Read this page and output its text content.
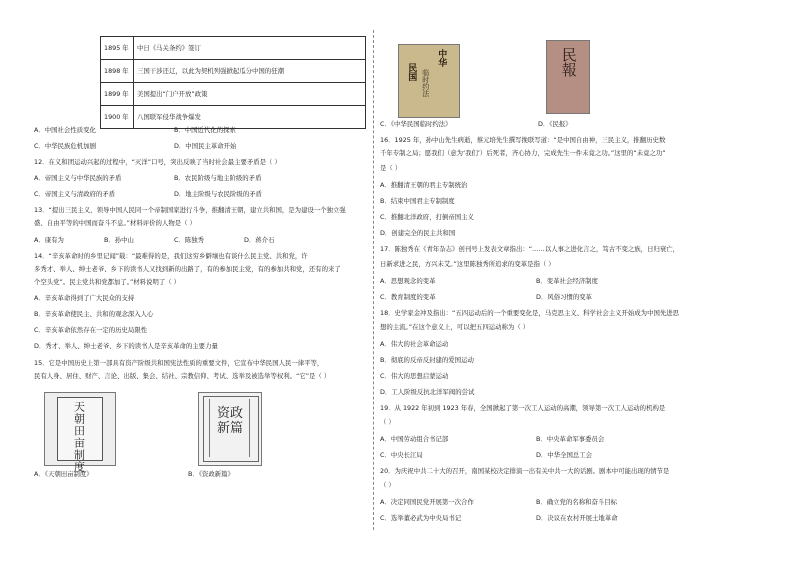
1895 年	中日《马关条约》签订
1898 年	三国干涉还辽，以此为契机列强掀起瓜分中国的狂潮
1899 年	美国提出“门户开放”政策
1900 年	八国联军侵华战争爆发
A．中国社会性质变化	B．中国近代化的探索
C．中华民族危机加剧	D．中国民主革命开始
12．在义和团运动兴起的过程中，“灭洋”口号，突出反映了当时社会最主要矛盾是（ ）
A．帝国主义与中华民族的矛盾	B．农民阶级与地主阶级的矛盾
C．帝国主义与清政府的矛盾	D．地主阶级与农民阶级的矛盾
13．“提出三民主义，领导中国人民同一个帝制国家进行斗争，推翻清王朝，建立共和国，是为建设一个独立强
盛、自由平等的中国而奋斗不息。”材料评价的人物是（ ）
A．康有为	B．孙中山	C．陈独秀	D．蒋介石
14．“辛亥革命时的乡里记闻”载：“最难得的是，我们这穷乡僻壤也有谈什么民主党、共和党，许
多秀才、举人、绅士老爷、乡下的读书人又找到新的出路了，有的参加民主党，有的参加共和党，还有的来了
个空头党”。民主党共和党都加了。”材料说明了（ ）
A．辛亥革命得到了广大民众的支持
B．辛亥革命使民主、共和的观念深入人心
C．辛亥革命依然存在一定的历史局限性
D．秀才、举人、绅士老爷、乡下的读书人是辛亥革命的主要力量
15．它是中国历史上第一部具有资产阶级共和国宪法性质的重要文件，它宣布中华民国人民一律平等，
民有人身、居住、财产、言论、出版、集会、结社、宗教信仰、考试、选举及被选举等权利。“它”是（ ）
天朝田亩制度
A．《天朝田亩制度》
资政新篇
B．《资政新篇》
中华
民国 临时约法
C．《中华民国临时约法》
民報
D．《民报》
16．1925 年，孙中山先生病逝，蔡元培先生撰写挽联写道：“是中国自由神，三民主义，推翻历史数
千年专制之局；愿我们（意为‘我们’）后死者，齐心协力，完成先生一件未竟之功。”这里的“未竟之功”
是（ ）
A．推翻清王朝的君主专制统治
B．结束中国君主专制制度
C．推翻北洋政府，打倒帝国主义
D．创建完全的民主共和国
17．陈独秀在《青年杂志》创刊号上发表文章指出：“……以人事之进化言之，笃古不变之族，日归衰亡，
日新求进之民，方兴未艾。”这里陈独秀所追求的变革是指（ ）
A．思想观念的变革	B．变革社会经济制度
C．教育制度的变革	D．风俗习惯的变革
18．史学家金冲及指出：“五四运动后的一个重要变化是，马克思主义、科学社会主义开始成为中国先进思
想的主流。”在这个意义上，可以把五四运动称为（ ）
A．伟大的社会革命运动
B．彻底的反帝反封建的爱国运动
C．伟大的思想启蒙运动
D．工人阶级反抗北洋军阀的尝试
19．从 1922 年初到 1923 年春，全国掀起了第一次工人运动的高潮，领导第一次工人运动的机构是
（ ）
A．中国劳动组合书记部	B．中央革命军事委员会
C．中央长江局	D．中华全国总工会
20．为庆祝中共二十大的召开，南国某校决定排演一出有关中共一大的话剧。剧本中可能出现的情节是
（ ）
A．决定同国民党开展第一次合作	B．确立党的名称和奋斗目标
C．选举董必武为中央局书记	D．决议在农村开展土地革命
